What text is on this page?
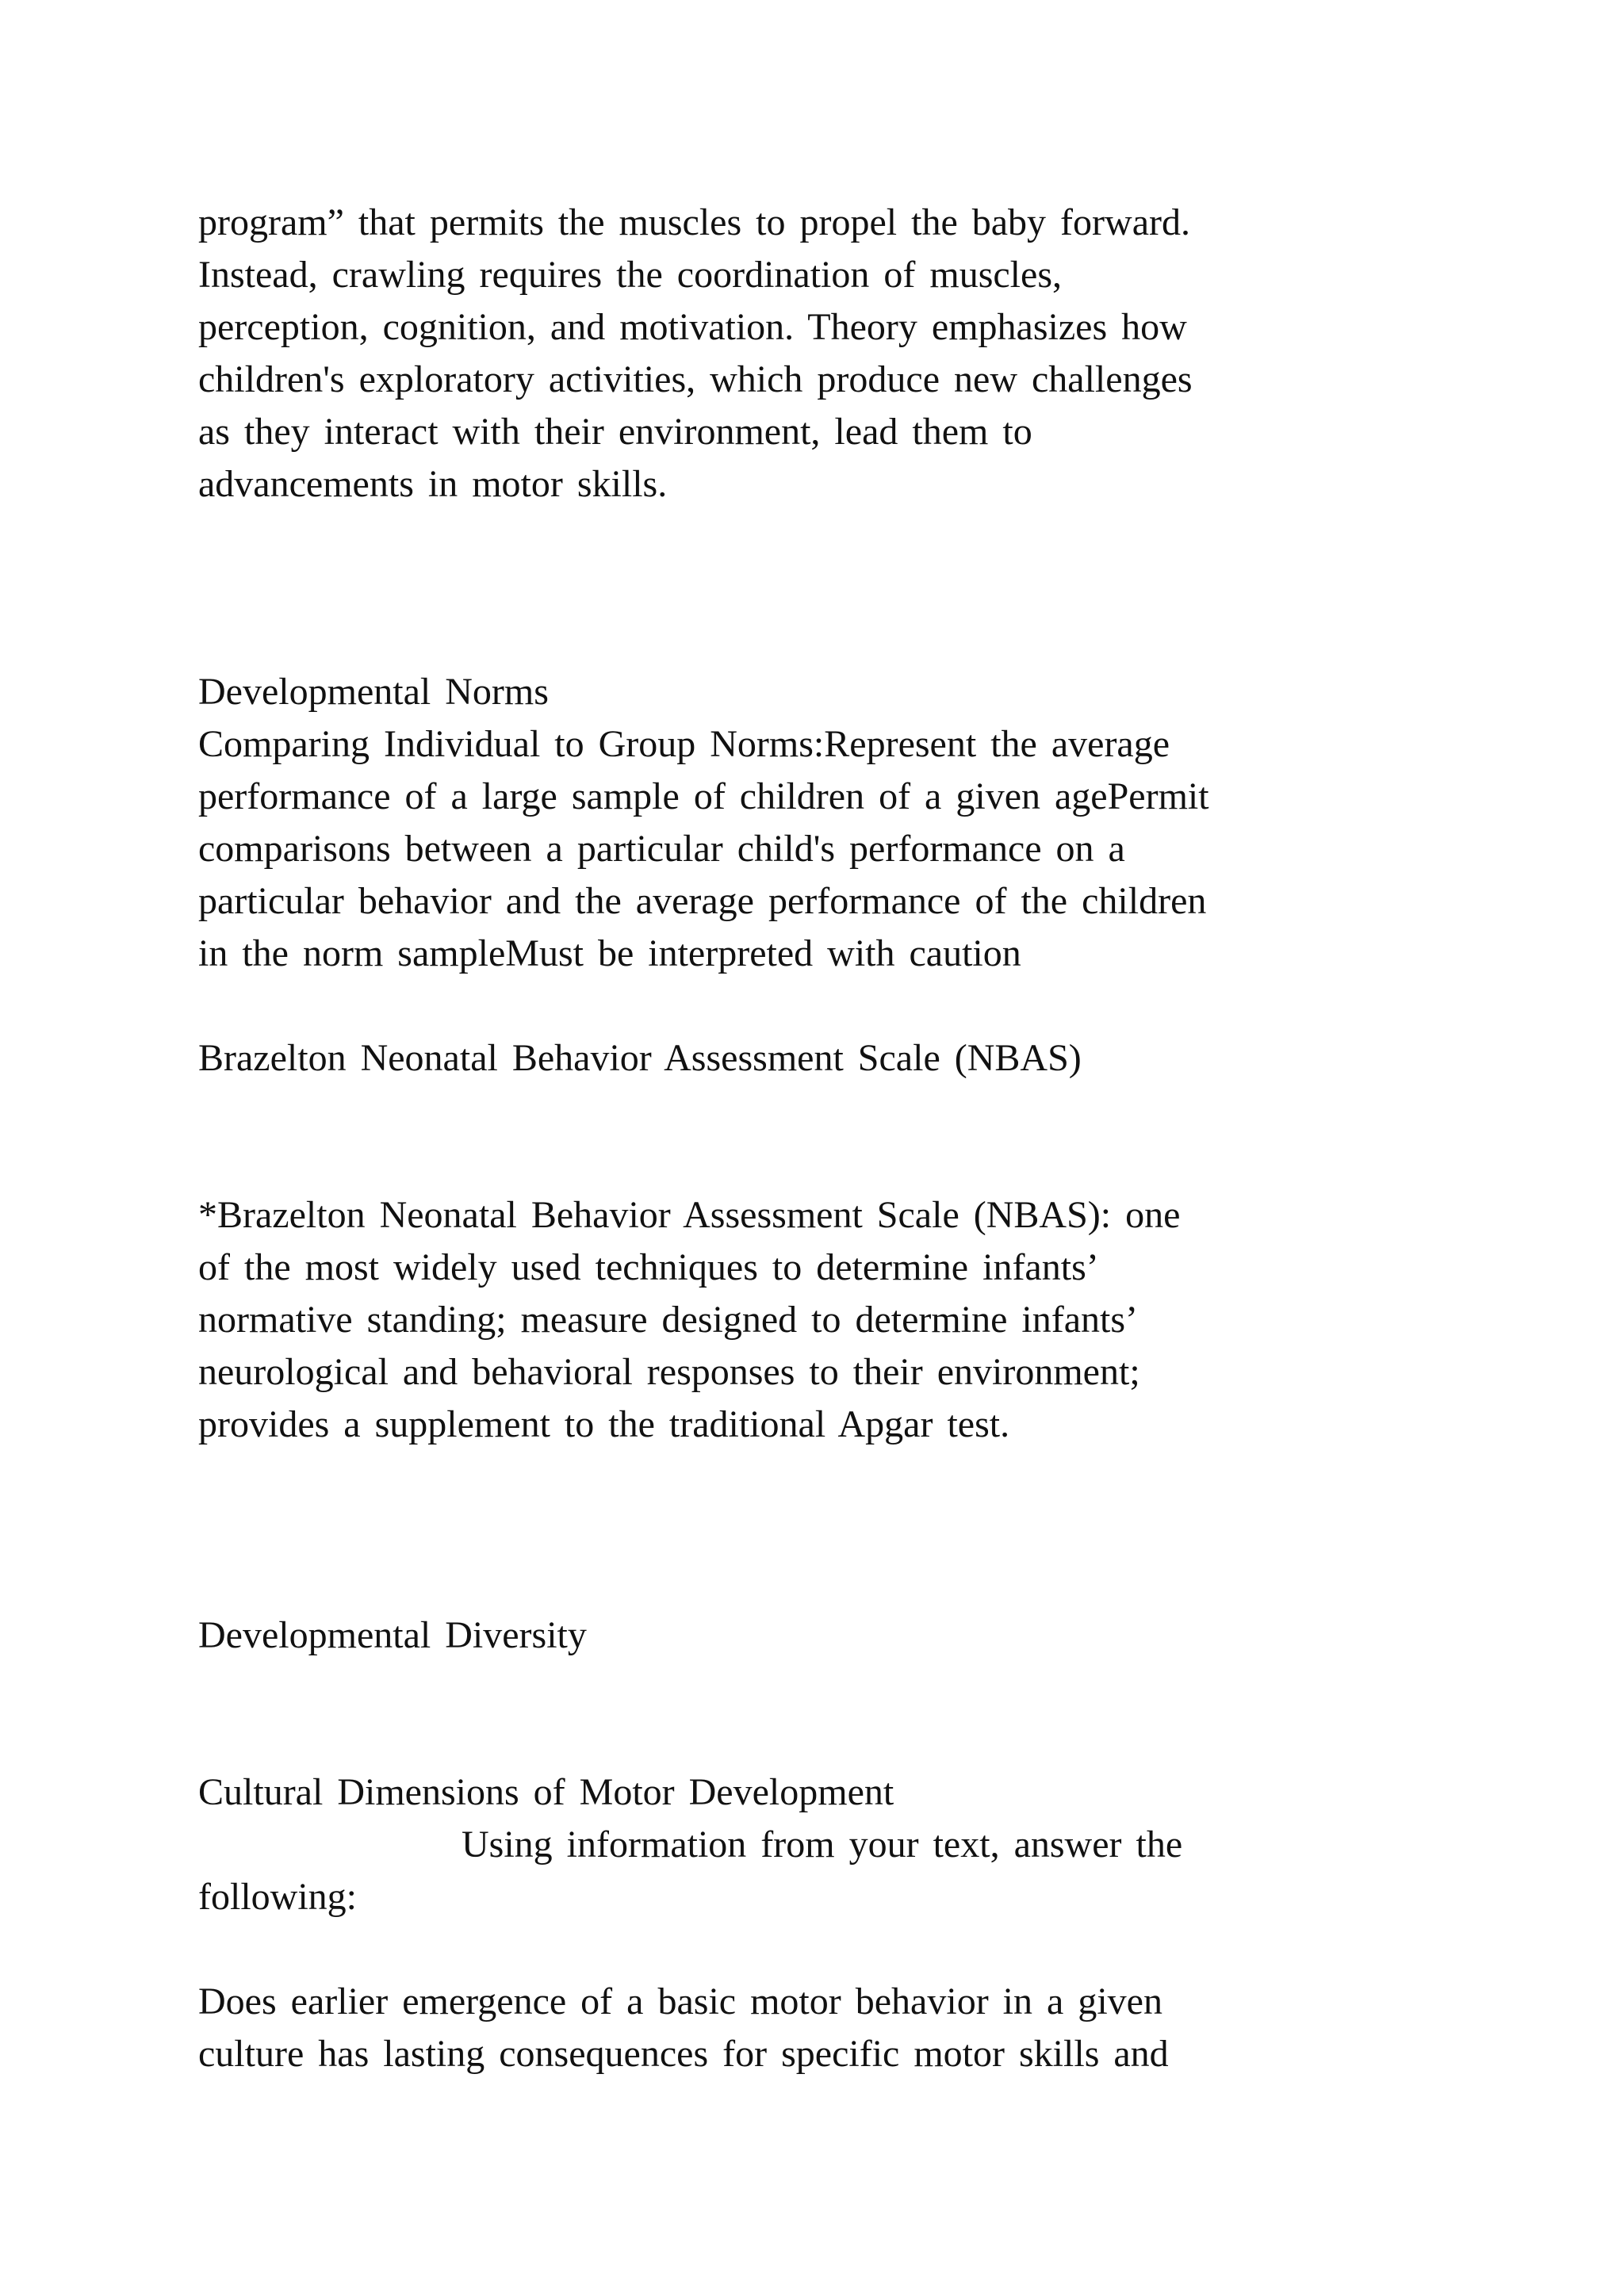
program” that permits the muscles to propel the baby forward.

Instead, crawling requires the coordination of muscles,

perception, cognition, and motivation. Theory emphasizes how

children's exploratory activities, which produce new challenges

as they interact with their environment, lead them to

advancements in motor skills.

Developmental Norms

Comparing Individual to Group Norms:Represent the average

performance of a large sample of children of a given agePermit

comparisons between a particular child's performance on a

particular behavior and the average performance of the children

in the norm sampleMust be interpreted with caution

Brazelton Neonatal Behavior Assessment Scale (NBAS)

*Brazelton Neonatal Behavior Assessment Scale (NBAS): one

of the most widely used techniques to determine infants’

normative standing; measure designed to determine infants’

neurological and behavioral responses to their environment;

provides a supplement to the traditional Apgar test.

Developmental Diversity

Cultural Dimensions of Motor Development

Using information from your text, answer the

following:

Does earlier emergence of a basic motor behavior in a given

culture has lasting consequences for specific motor skills and
